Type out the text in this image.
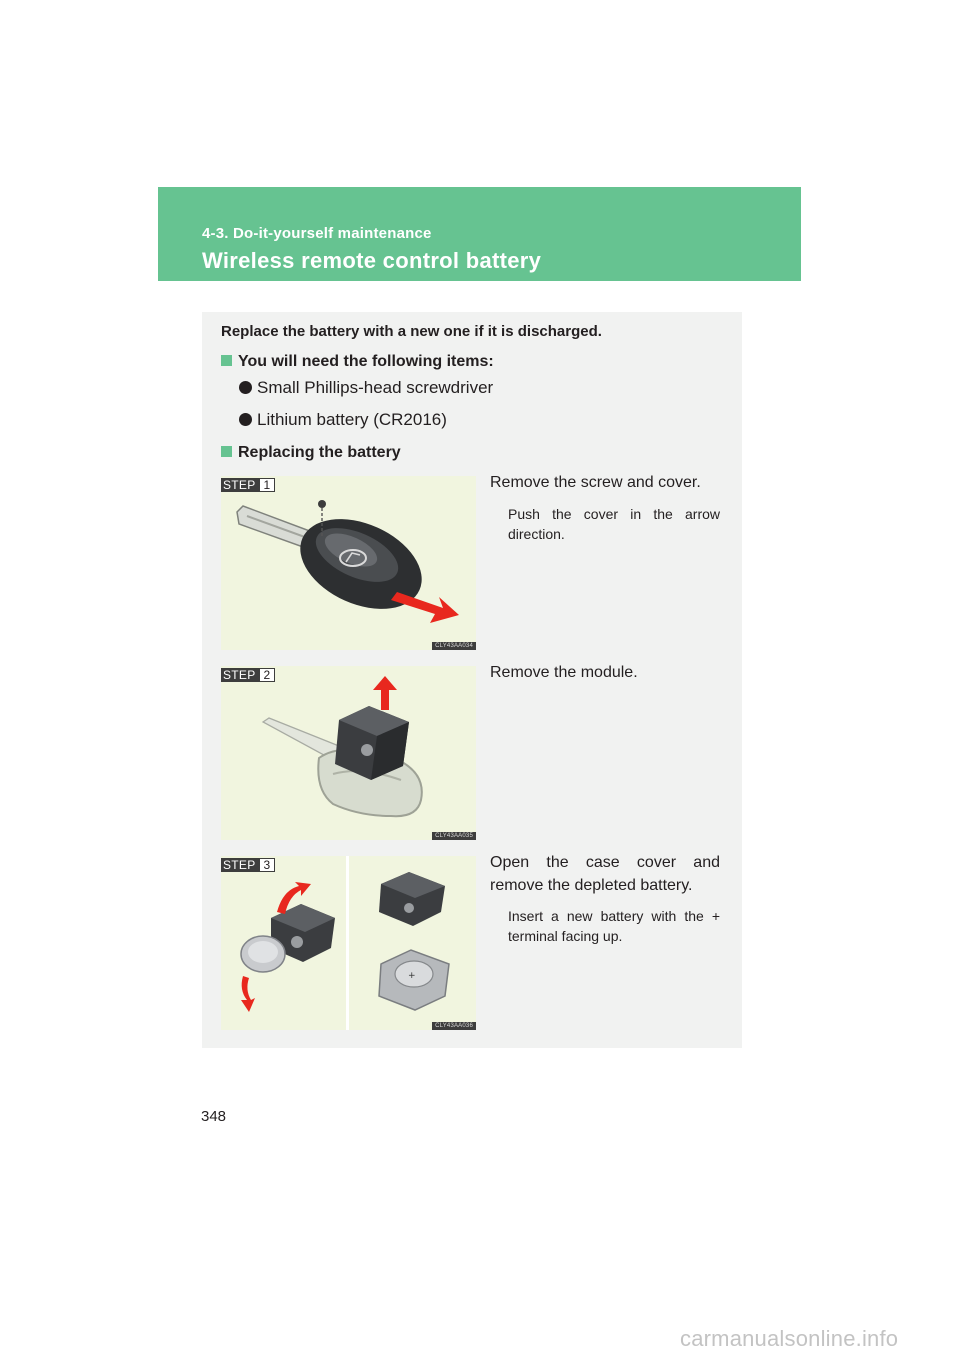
4-3. Do-it-yourself maintenance
Wireless remote control battery
Replace the battery with a new one if it is discharged.
You will need the following items:
Small Phillips-head screwdriver
Lithium battery (CR2016)
Replacing the battery
STEP 1
CLY43AA034
Remove the screw and cover.
Push the cover in the arrow direction.
STEP 2
CLY43AA035
Remove the module.
STEP 3
+
CLY43AA036
Open the case cover and remove the depleted battery.
Insert a new battery with the + terminal facing up.
348
carmanualsonline.info
